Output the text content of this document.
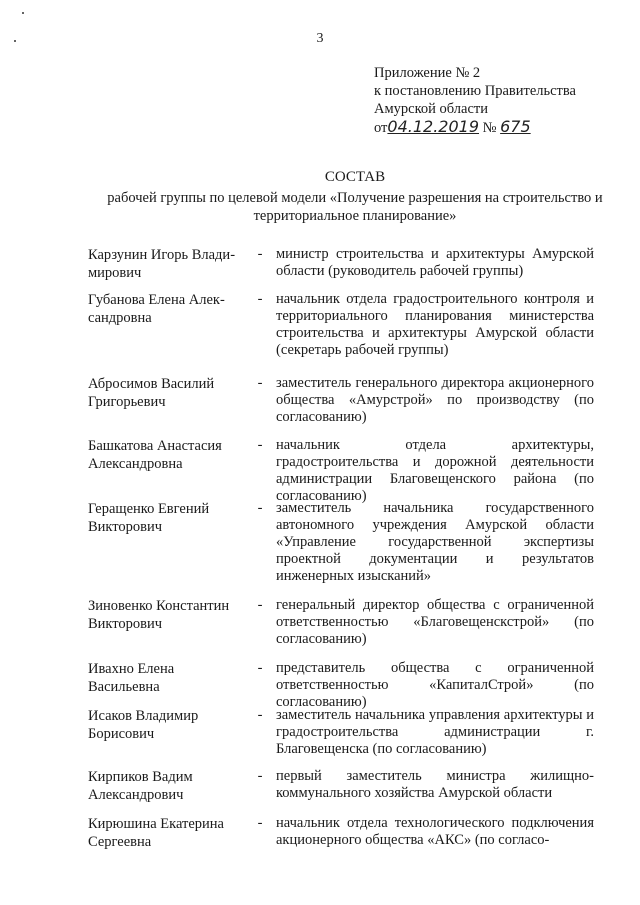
3
Приложение № 2
к постановлению Правительства
Амурской области
от04.12.2019 № 675
СОСТАВ
рабочей группы по целевой модели «Получение разрешения на строительство и
территориальное планирование»
Карзунин Игорь Влади-мирович
- министр строительства и архитектуры Амурской области (руководитель рабочей группы)
Губанова Елена Алек-сандровна
- начальник отдела градостроительного контроля и территориального планирования министерства строительства и архитектуры Амурской области (секретарь рабочей группы)
Абросимов Василий Григорьевич
- заместитель генерального директора акционерного общества «Амурстрой» по производству (по согласованию)
Башкатова Анастасия Александровна
- начальник отдела архитектуры, градостроительства и дорожной деятельности администрации Благовещенского района (по согласованию)
Геращенко Евгений Викторович
- заместитель начальника государственного автономного учреждения Амурской области «Управление государственной экспертизы проектной документации и результатов инженерных изысканий»
Зиновенко Константин Викторович
- генеральный директор общества с ограниченной ответственностью «Благовещенскстрой» (по согласованию)
Ивахно Елена Васильевна
- представитель общества с ограниченной ответственностью «КапиталСтрой» (по согласованию)
Исаков Владимир Борисович
- заместитель начальника управления архитектуры и градостроительства администрации г. Благовещенска (по согласованию)
Кирпиков Вадим Александрович
- первый заместитель министра жилищно-коммунального хозяйства Амурской области
Кирюшина Екатерина Сергеевна
- начальник отдела технологического подключения акционерного общества «АКС» (по согласо-
